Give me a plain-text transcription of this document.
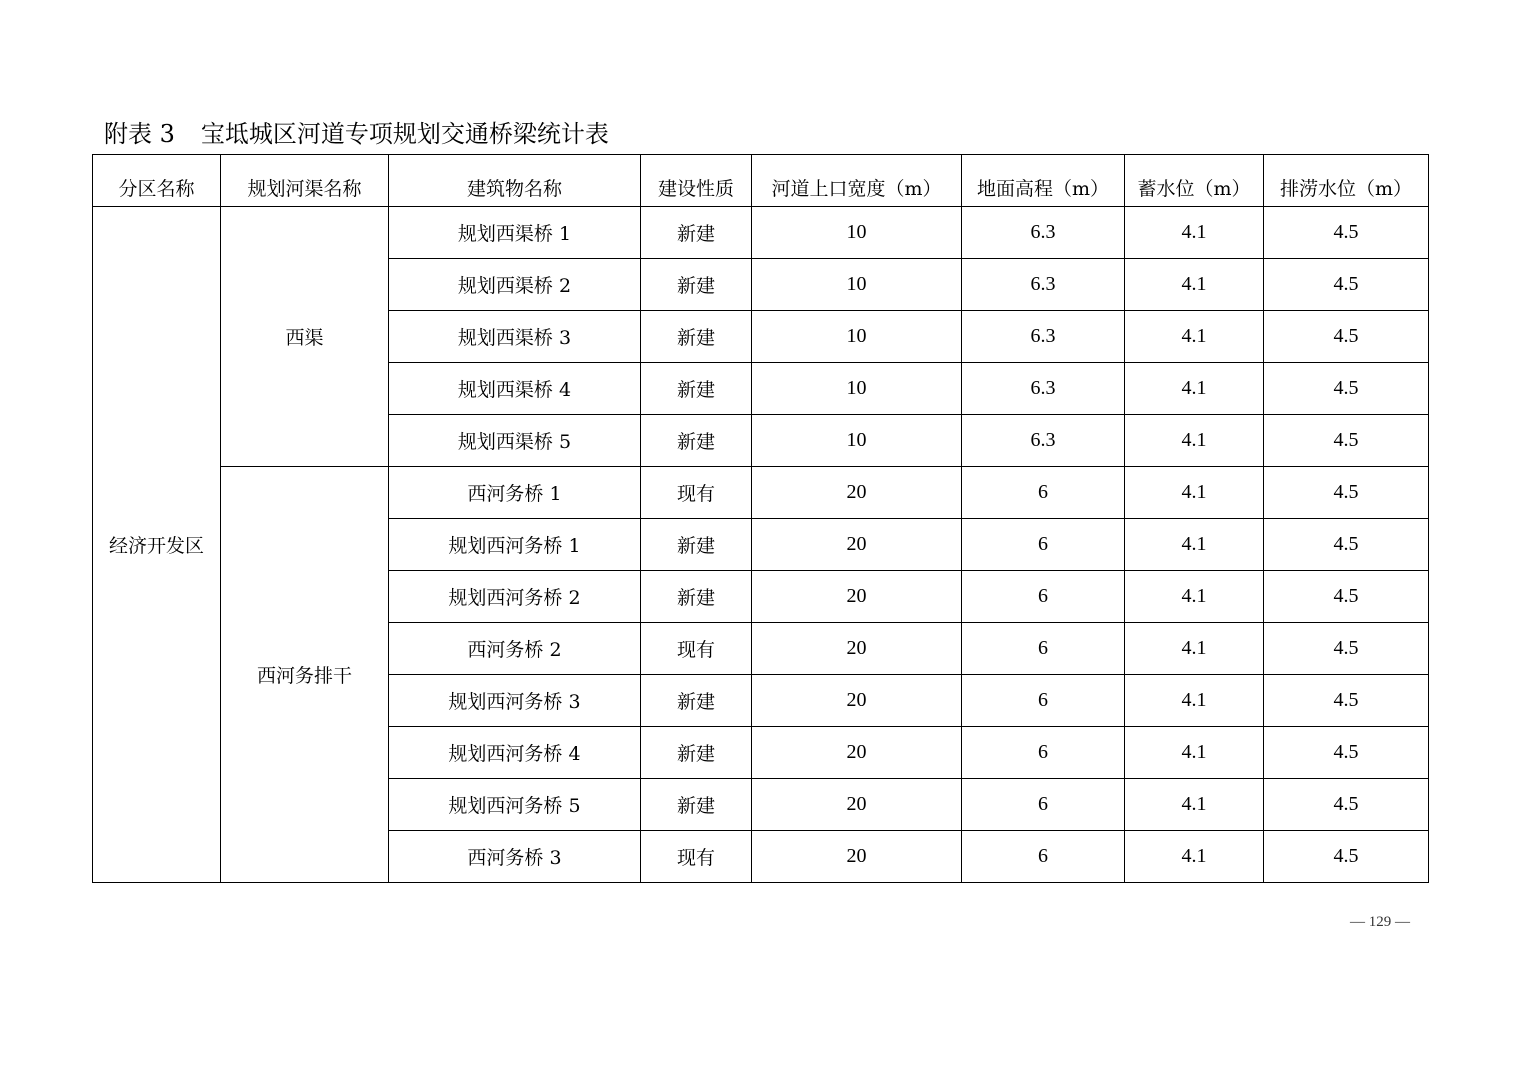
附表 3 宝坻城区河道专项规划交通桥梁统计表
分区名称	规划河渠名称	建筑物名称	建设性质	河道上口宽度（m）	地面高程（m）	蓄水位（m）	排涝水位（m）
经济开发区	西渠	规划西渠桥 1	新建	10	6.3	4.1	4.5
		规划西渠桥 2	新建	10	6.3	4.1	4.5
		规划西渠桥 3	新建	10	6.3	4.1	4.5
		规划西渠桥 4	新建	10	6.3	4.1	4.5
		规划西渠桥 5	新建	10	6.3	4.1	4.5
	西河务排干	西河务桥 1	现有	20	6	4.1	4.5
		规划西河务桥 1	新建	20	6	4.1	4.5
		规划西河务桥 2	新建	20	6	4.1	4.5
		西河务桥 2	现有	20	6	4.1	4.5
		规划西河务桥 3	新建	20	6	4.1	4.5
		规划西河务桥 4	新建	20	6	4.1	4.5
		规划西河务桥 5	新建	20	6	4.1	4.5
		西河务桥 3	现有	20	6	4.1	4.5
— 129 —
